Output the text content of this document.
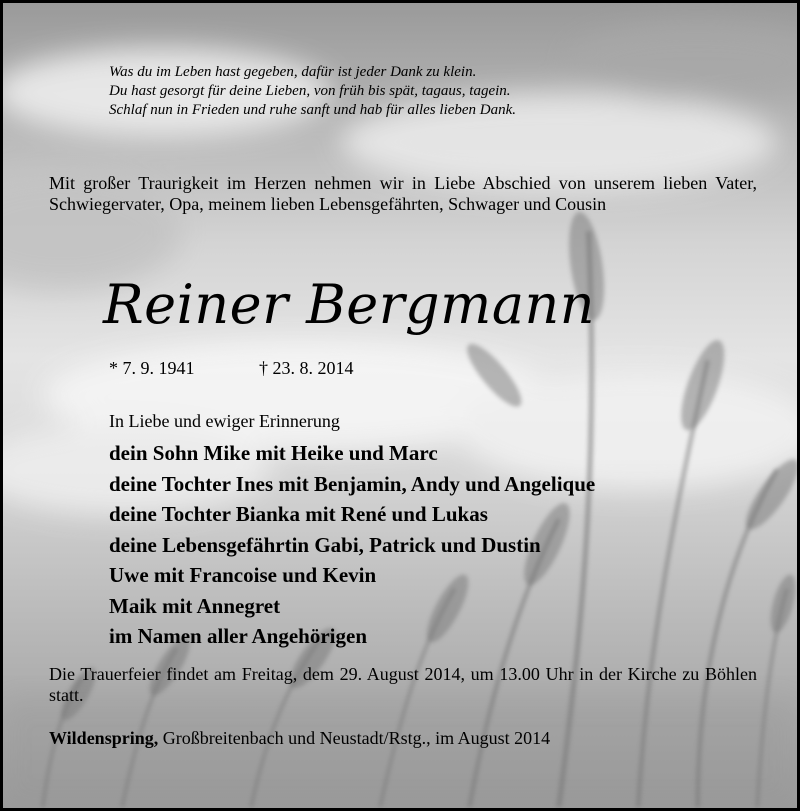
Was du im Leben hast gegeben, dafür ist jeder Dank zu klein.
Du hast gesorgt für deine Lieben, von früh bis spät, tagaus, tagein.
Schlaf nun in Frieden und ruhe sanft und hab für alles lieben Dank.
Mit großer Traurigkeit im Herzen nehmen wir in Liebe Abschied von unserem lieben Vater, Schwiegervater, Opa, meinem lieben Lebensgefährten, Schwager und Cousin
Reiner Bergmann
* 7. 9. 1941	† 23. 8. 2014
In Liebe und ewiger Erinnerung
dein Sohn Mike mit Heike und Marc
deine Tochter Ines mit Benjamin, Andy und Angelique
deine Tochter Bianka mit René und Lukas
deine Lebensgefährtin Gabi, Patrick und Dustin
Uwe mit Francoise und Kevin
Maik mit Annegret
im Namen aller Angehörigen
Die Trauerfeier findet am Freitag, dem 29. August 2014, um 13.00 Uhr in der Kirche zu Böhlen statt.
Wildenspring, Großbreitenbach und Neustadt/Rstg., im August 2014
